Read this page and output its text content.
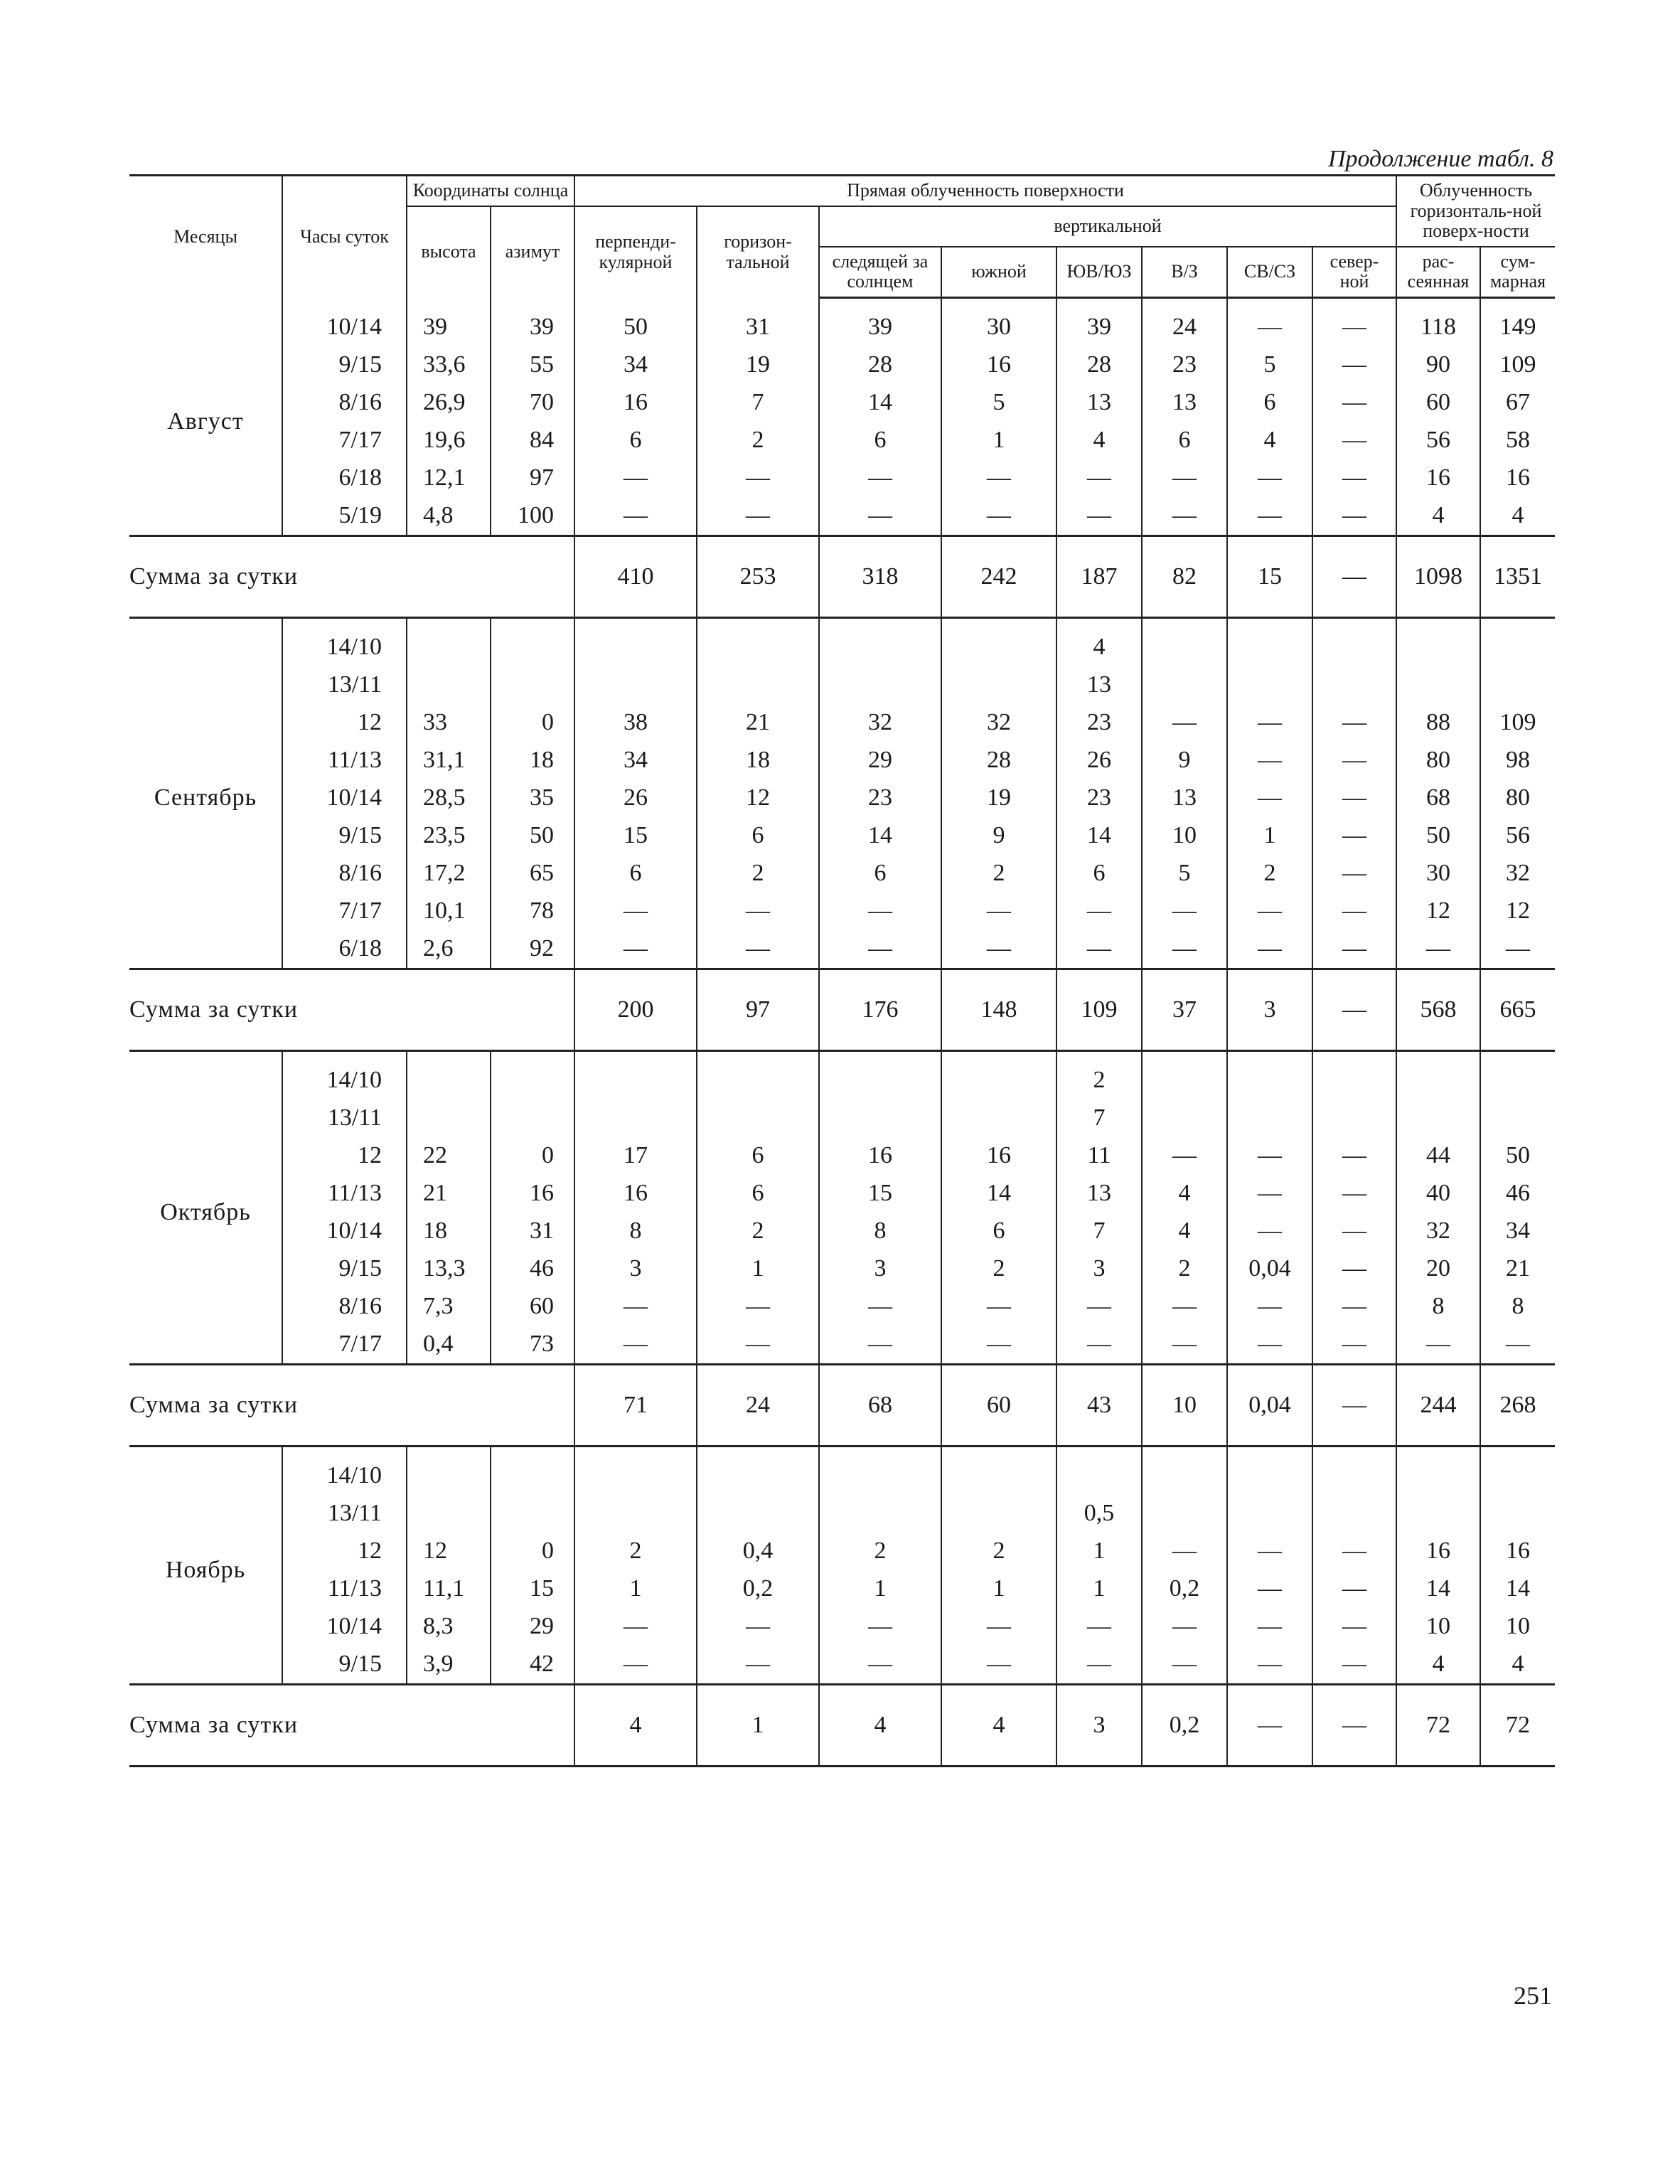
Продолжение табл. 8
Месяцы	Часы суток	Координаты солнца		Прямая облученность поверхности								Облученность горизонталь-ной поверх-ности	
		высота	азимут	перпенди-кулярной	горизон-тальной	вертикальной							
						следящей за солнцем	южной	ЮВ/ЮЗ	В/З	СВ/СЗ	север-ной	рас-сеянная	сум-марная

Август	10/14	39	39	50	31	39	30	39	24	—	—	118	149
	9/15	33,6	55	34	19	28	16	28	23	5	—	90	109
	8/16	26,9	70	16	7	14	5	13	13	6	—	60	67
	7/17	19,6	84	6	2	6	1	4	6	4	—	56	58
	6/18	12,1	97	—	—	—	—	—	—	—	—	16	16
	5/19	4,8	100	—	—	—	—	—	—	—	—	4	4
Сумма за сутки				410	253	318	242	187	82	15	—	1098	1351

Сентябрь	14/10							4					
	13/11							13					
	12	33	0	38	21	32	32	23	—	—	—	88	109
	11/13	31,1	18	34	18	29	28	26	9	—	—	80	98
	10/14	28,5	35	26	12	23	19	23	13	—	—	68	80
	9/15	23,5	50	15	6	14	9	14	10	1	—	50	56
	8/16	17,2	65	6	2	6	2	6	5	2	—	30	32
	7/17	10,1	78	—	—	—	—	—	—	—	—	12	12
	6/18	2,6	92	—	—	—	—	—	—	—	—	—	—
Сумма за сутки				200	97	176	148	109	37	3	—	568	665

Октябрь	14/10							2					
	13/11							7					
	12	22	0	17	6	16	16	11	—	—	—	44	50
	11/13	21	16	16	6	15	14	13	4	—	—	40	46
	10/14	18	31	8	2	8	6	7	4	—	—	32	34
	9/15	13,3	46	3	1	3	2	3	2	0,04	—	20	21
	8/16	7,3	60	—	—	—	—	—	—	—	—	8	8
	7/17	0,4	73	—	—	—	—	—	—	—	—	—	—
Сумма за сутки				71	24	68	60	43	10	0,04	—	244	268

Ноябрь	14/10												
	13/11							0,5					
	12	12	0	2	0,4	2	2	1	—	—	—	16	16
	11/13	11,1	15	1	0,2	1	1	1	0,2	—	—	14	14
	10/14	8,3	29	—	—	—	—	—	—	—	—	10	10
	9/15	3,9	42	—	—	—	—	—	—	—	—	4	4
Сумма за сутки				4	1	4	4	3	0,2	—	—	72	72
251
